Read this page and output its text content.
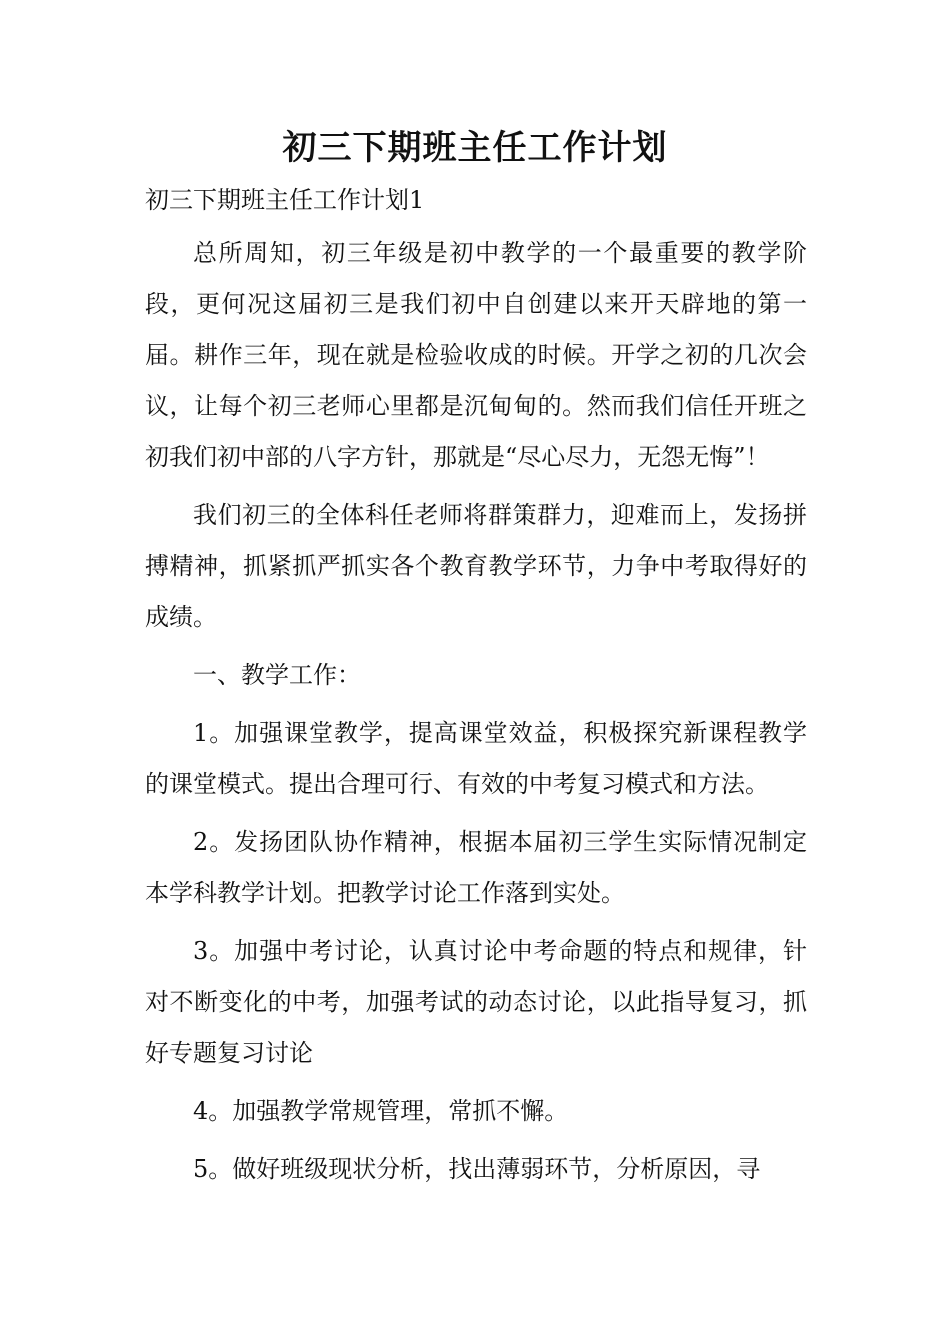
初三下期班主任工作计划
初三下期班主任工作计划1

总所周知，初三年级是初中教学的一个最重要的教学阶段，更何况这届初三是我们初中自创建以来开天辟地的第一届。耕作三年，现在就是检验收成的时候。开学之初的几次会议，让每个初三老师心里都是沉甸甸的。然而我们信任开班之初我们初中部的八字方针，那就是“尽心尽力，无怨无悔”！

我们初三的全体科任老师将群策群力，迎难而上，发扬拼搏精神，抓紧抓严抓实各个教育教学环节，力争中考取得好的成绩。

一、教学工作：

1。加强课堂教学，提高课堂效益，积极探究新课程教学的课堂模式。提出合理可行、有效的中考复习模式和方法。

2。发扬团队协作精神，根据本届初三学生实际情况制定本学科教学计划。把教学讨论工作落到实处。

3。加强中考讨论，认真讨论中考命题的特点和规律，针对不断变化的中考，加强考试的动态讨论，以此指导复习，抓好专题复习讨论

4。加强教学常规管理，常抓不懈。

5。做好班级现状分析，找出薄弱环节，分析原因，寻
